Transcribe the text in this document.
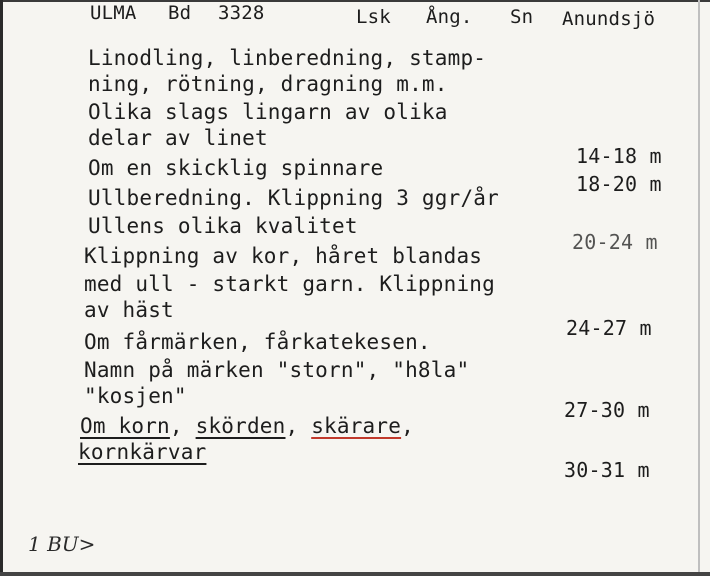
ULMA Bd 3328	Lsk Ång. Sn Anundsjö
Linodling, linberedning, stamp-
ning, rötning, dragning m.m.
Olika slags lingarn av olika
delar av linet
Om en skicklig spinnare
Ullberedning. Klippning 3 ggr/år
Ullens olika kvalitet
Klippning av kor, håret blandas
med ull - starkt garn. Klippning
av häst
Om fårmärken, fårkatekesen.
Namn på märken "storn", "h8la"
"kosjen"
Om korn, skörden, skärare,
kornkärvar
14-18 m
18-20 m
20-24 m
24-27 m
27-30 m
30-31 m
1 BU>
